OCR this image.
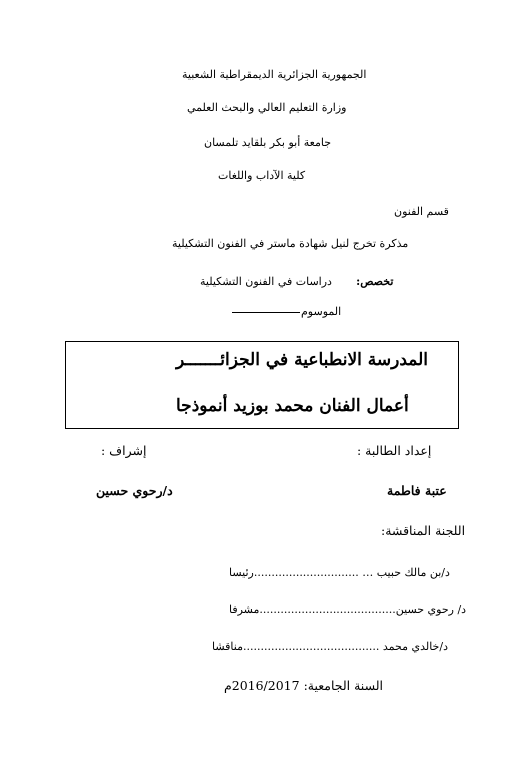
الجمهورية الجزائرية الديمقراطية الشعبية
وزارة التعليم العالي والبحث العلمي
جامعة أبو بكر بلقايد تلمسان
كلية الآداب واللغات
قسم الفنون
مذكرة تخرج لنيل شهادة ماستر في الفنون التشكيلية
تخصص:  دراسات في الفنون التشكيلية
الموسوم
المدرسة الانطباعية في الجزائـــــــر
أعمال الفنان محمد بوزيد أنموذجا
إعداد الطالبة :
إشراف :
عتبة فاطمة
د/رحوي حسين
اللجنة المناقشة:
د/بن مالك حبيب … ..............................رئيسا
د/ رحوي حسين.......................................مشرفا
د/خالدي محمد .......................................مناقشا
السنة الجامعية: 2016/2017م
